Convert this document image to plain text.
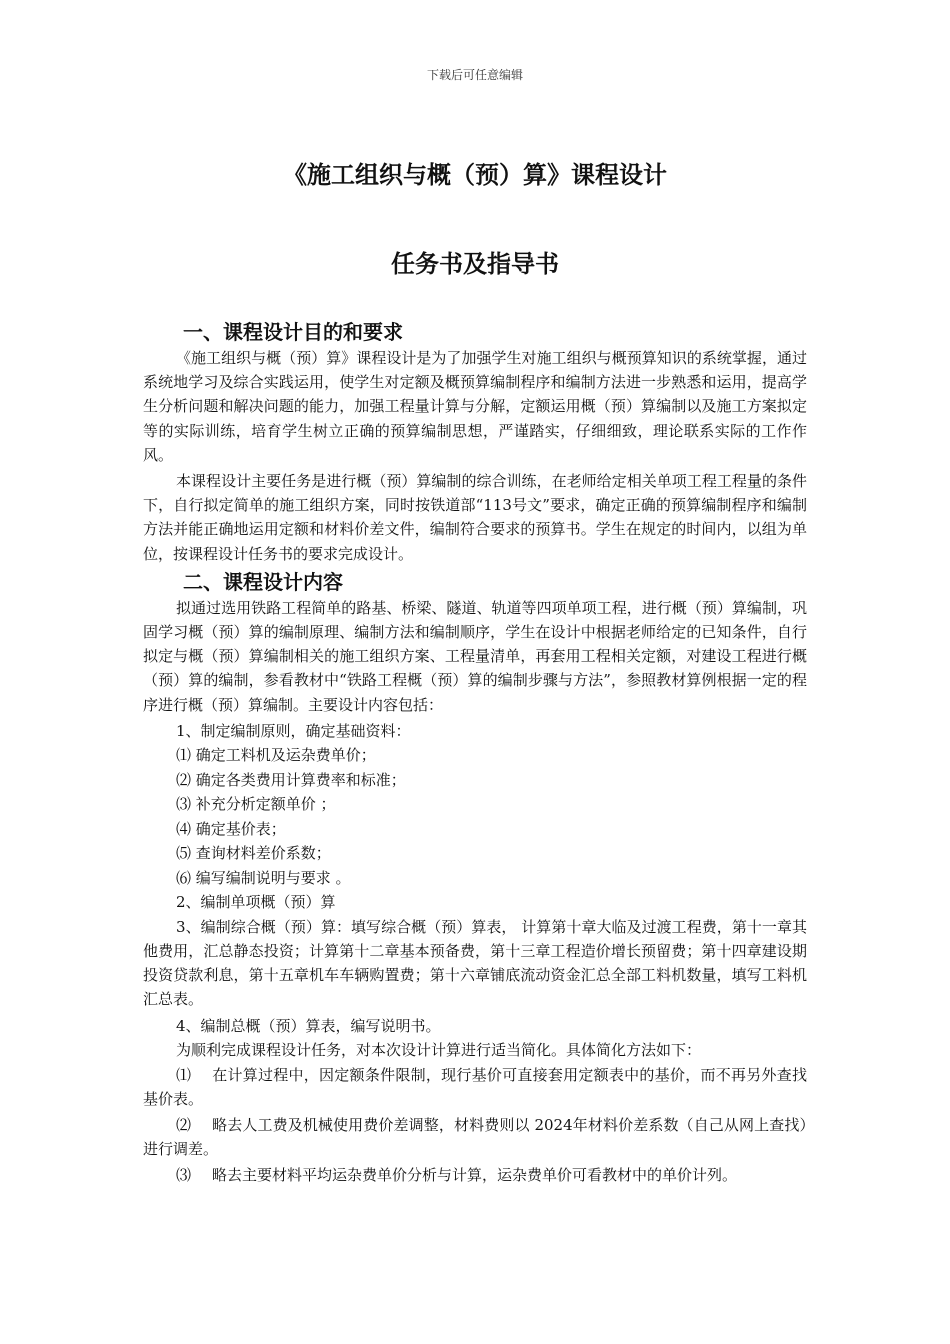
下载后可任意编辑
《施工组织与概（预）算》课程设计
任务书及指导书
一、课程设计目的和要求

《施工组织与概（预）算》课程设计是为了加强学生对施工组织与概预算知识的系统掌握，通过系统地学习及综合实践运用，使学生对定额及概预算编制程序和编制方法进一步熟悉和运用，提高学生分析问题和解决问题的能力，加强工程量计算与分解，定额运用概（预）算编制以及施工方案拟定等的实际训练，培育学生树立正确的预算编制思想，严谨踏实，仔细细致，理论联系实际的工作作风。

本课程设计主要任务是进行概（预）算编制的综合训练，在老师给定相关单项工程工程量的条件下，自行拟定简单的施工组织方案，同时按铁道部“113号文”要求，确定正确的预算编制程序和编制方法并能正确地运用定额和材料价差文件，编制符合要求的预算书。学生在规定的时间内，以组为单位，按课程设计任务书的要求完成设计。

二、课程设计内容

拟通过选用铁路工程简单的路基、桥梁、隧道、轨道等四项单项工程，进行概（预）算编制，巩固学习概（预）算的编制原理、编制方法和编制顺序，学生在设计中根据老师给定的已知条件，自行拟定与概（预）算编制相关的施工组织方案、工程量清单，再套用工程相关定额，对建设工程进行概（预）算的编制，参看教材中“铁路工程概（预）算的编制步骤与方法”，参照教材算例根据一定的程序进行概（预）算编制。主要设计内容包括：

1、制定编制原则，确定基础资料：

⑴ 确定工料机及运杂费单价；

⑵ 确定各类费用计算费率和标准；

⑶ 补充分析定额单价 ；

⑷ 确定基价表；

⑸ 查询材料差价系数；

⑹ 编写编制说明与要求 。

2、编制单项概（预）算

3、编制综合概（预）算：填写综合概（预）算表， 计算第十章大临及过渡工程费，第十一章其他费用，汇总静态投资；计算第十二章基本预备费，第十三章工程造价增长预留费；第十四章建设期投资贷款利息，第十五章机车车辆购置费；第十六章铺底流动资金汇总全部工料机数量，填写工料机汇总表。

4、编制总概（预）算表，编写说明书。

为顺利完成课程设计任务，对本次设计计算进行适当简化。具体简化方法如下：

⑴ 在计算过程中，因定额条件限制，现行基价可直接套用定额表中的基价，而不再另外查找基价表。

⑵ 略去人工费及机械使用费价差调整，材料费则以 2024年材料价差系数（自己从网上查找）进行调差。

⑶ 略去主要材料平均运杂费单价分析与计算，运杂费单价可看教材中的单价计列。
